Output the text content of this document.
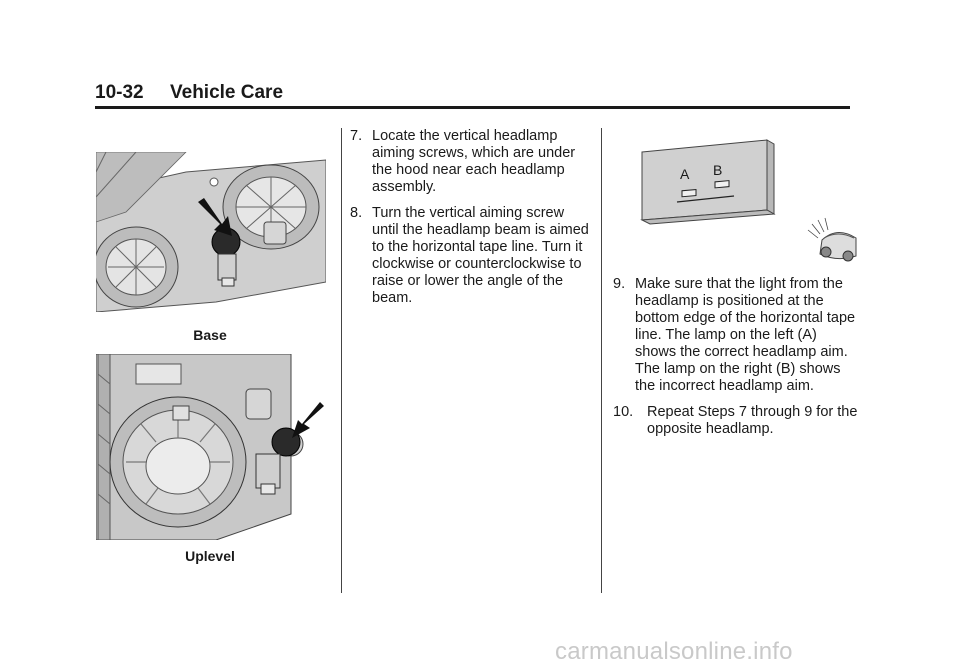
10-32 Vehicle Care
Base
Uplevel
7. Locate the vertical headlamp aiming screws, which are under the hood near each headlamp assembly.
8. Turn the vertical aiming screw until the headlamp beam is aimed to the horizontal tape line. Turn it clockwise or counterclockwise to raise or lower the angle of the beam.
A B
9. Make sure that the light from the headlamp is positioned at the bottom edge of the horizontal tape line. The lamp on the left (A) shows the correct headlamp aim. The lamp on the right (B) shows the incorrect headlamp aim.
10. Repeat Steps 7 through 9 for the opposite headlamp.
carmanualsonline.info
